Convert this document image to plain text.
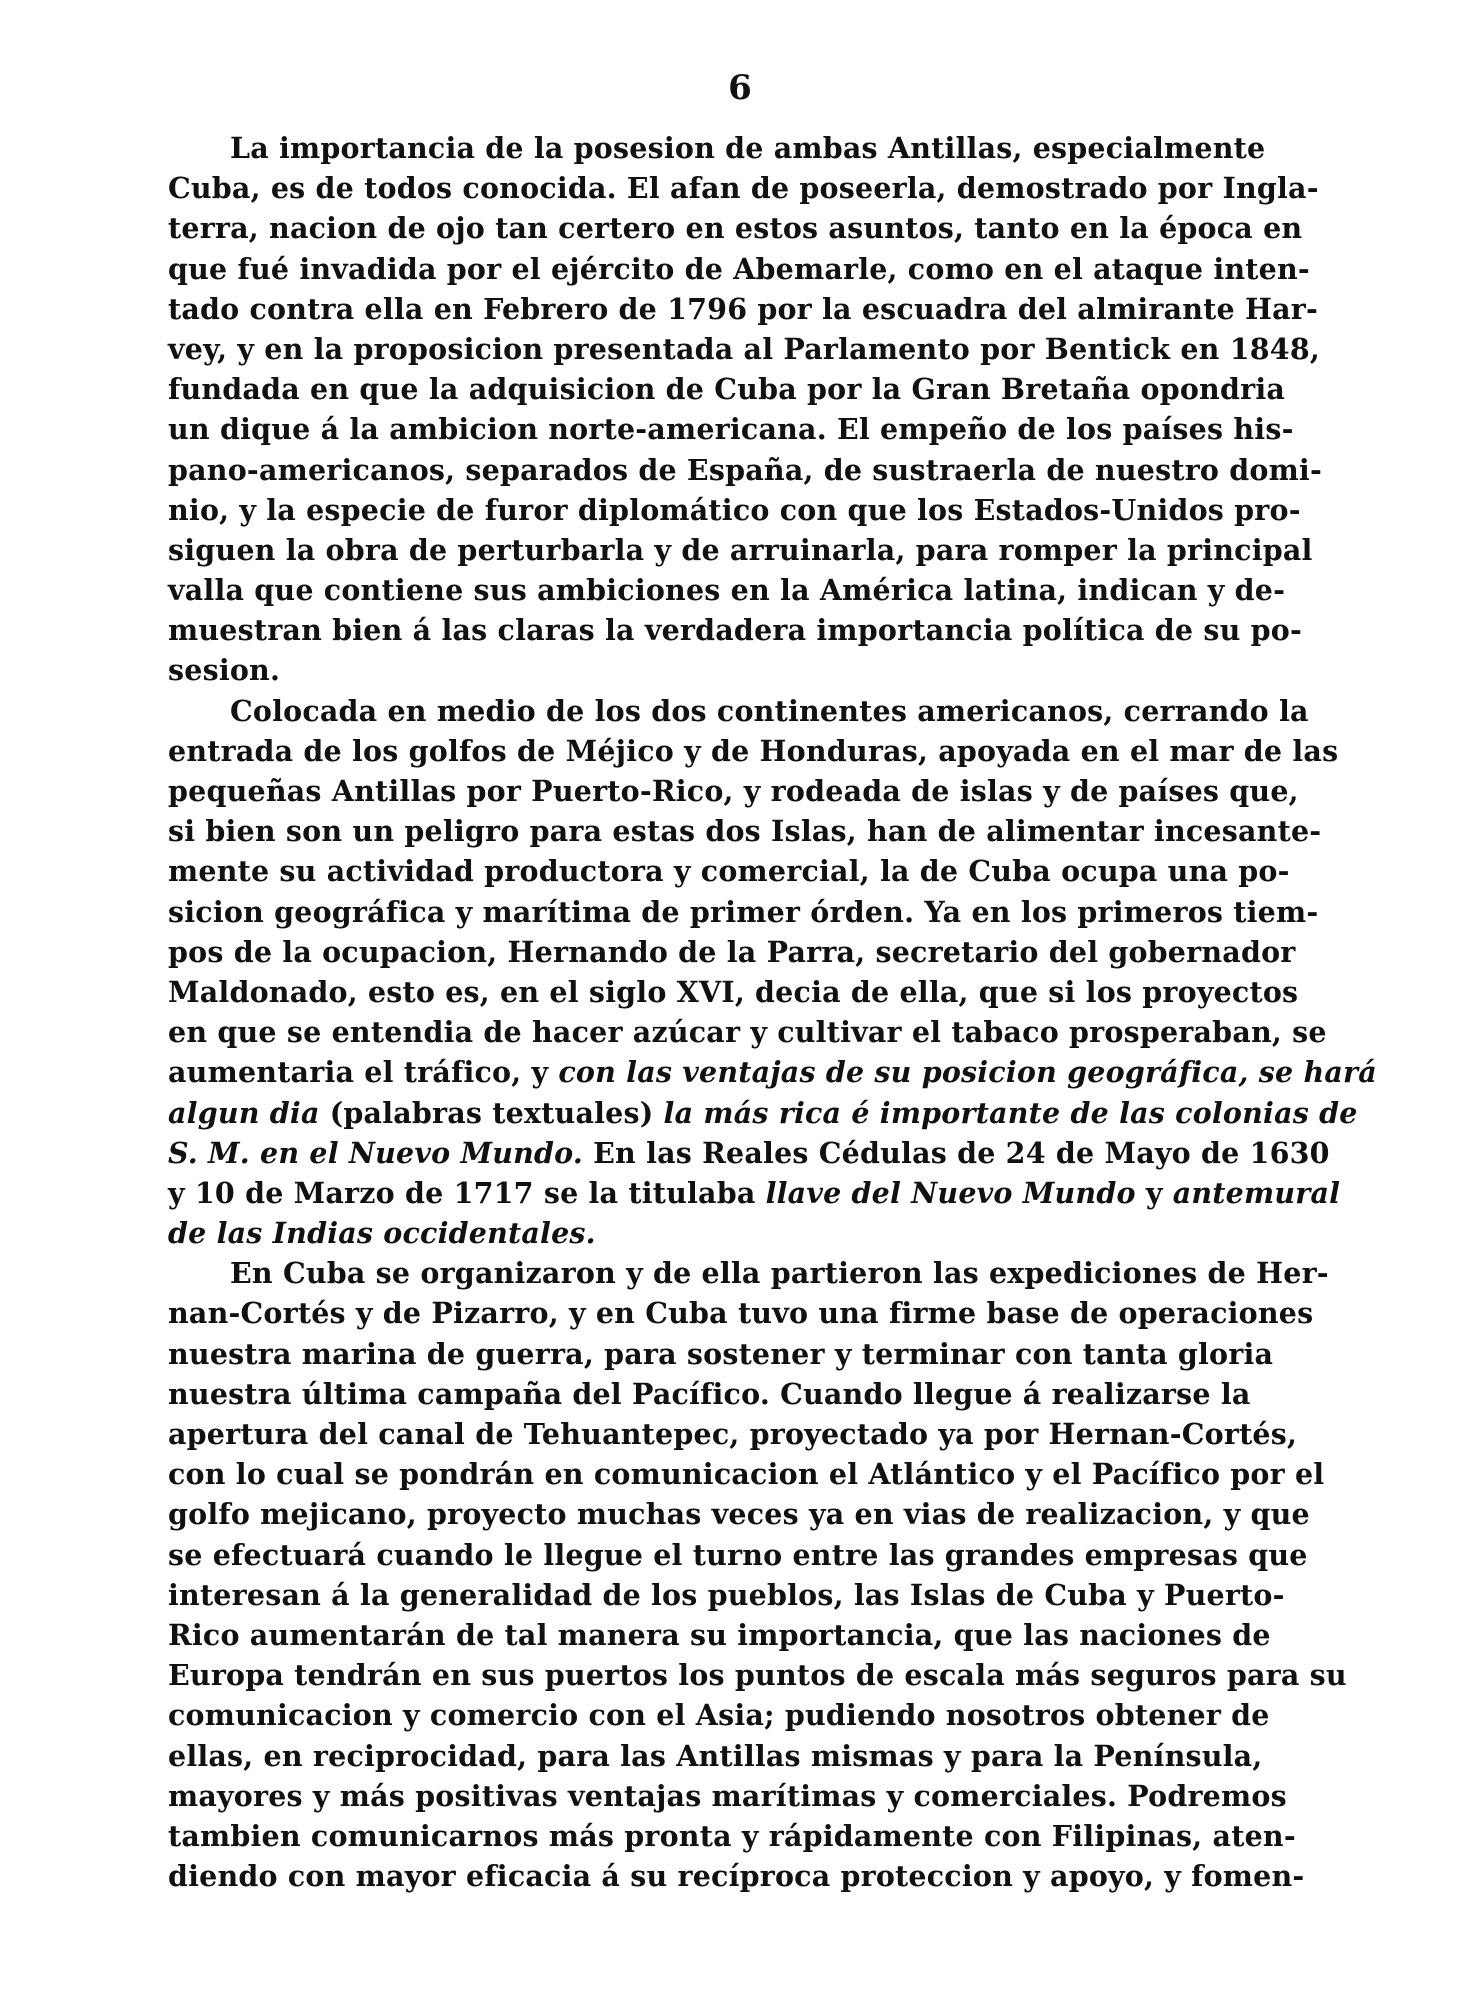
6
La importancia de la posesion de ambas Antillas, especialmente
Cuba, es de todos conocida. El afan de poseerla, demostrado por Ingla-
terra, nacion de ojo tan certero en estos asuntos, tanto en la época en
que fué invadida por el ejército de Abemarle, como en el ataque inten-
tado contra ella en Febrero de 1796 por la escuadra del almirante Har-
vey, y en la proposicion presentada al Parlamento por Bentick en 1848,
fundada en que la adquisicion de Cuba por la Gran Bretaña opondria
un dique á la ambicion norte-americana. El empeño de los países his-
pano-americanos, separados de España, de sustraerla de nuestro domi-
nio, y la especie de furor diplomático con que los Estados-Unidos pro-
siguen la obra de perturbarla y de arruinarla, para romper la principal
valla que contiene sus ambiciones en la América latina, indican y de-
muestran bien á las claras la verdadera importancia política de su po-
sesion.
Colocada en medio de los dos continentes americanos, cerrando la
entrada de los golfos de Méjico y de Honduras, apoyada en el mar de las
pequeñas Antillas por Puerto-Rico, y rodeada de islas y de países que,
si bien son un peligro para estas dos Islas, han de alimentar incesante-
mente su actividad productora y comercial, la de Cuba ocupa una po-
sicion geográfica y marítima de primer órden. Ya en los primeros tiem-
pos de la ocupacion, Hernando de la Parra, secretario del gobernador
Maldonado, esto es, en el siglo XVI, decia de ella, que si los proyectos
en que se entendia de hacer azúcar y cultivar el tabaco prosperaban, se
aumentaria el tráfico, y con las ventajas de su posicion geográfica, se hará
algun dia (palabras textuales) la más rica é importante de las colonias de
S. M. en el Nuevo Mundo. En las Reales Cédulas de 24 de Mayo de 1630
y 10 de Marzo de 1717 se la titulaba llave del Nuevo Mundo y antemural
de las Indias occidentales.
En Cuba se organizaron y de ella partieron las expediciones de Her-
nan-Cortés y de Pizarro, y en Cuba tuvo una firme base de operaciones
nuestra marina de guerra, para sostener y terminar con tanta gloria
nuestra última campaña del Pacífico. Cuando llegue á realizarse la
apertura del canal de Tehuantepec, proyectado ya por Hernan-Cortés,
con lo cual se pondrán en comunicacion el Atlántico y el Pacífico por el
golfo mejicano, proyecto muchas veces ya en vias de realizacion, y que
se efectuará cuando le llegue el turno entre las grandes empresas que
interesan á la generalidad de los pueblos, las Islas de Cuba y Puerto-
Rico aumentarán de tal manera su importancia, que las naciones de
Europa tendrán en sus puertos los puntos de escala más seguros para su
comunicacion y comercio con el Asia; pudiendo nosotros obtener de
ellas, en reciprocidad, para las Antillas mismas y para la Península,
mayores y más positivas ventajas marítimas y comerciales. Podremos
tambien comunicarnos más pronta y rápidamente con Filipinas, aten-
diendo con mayor eficacia á su recíproca proteccion y apoyo, y fomen-
